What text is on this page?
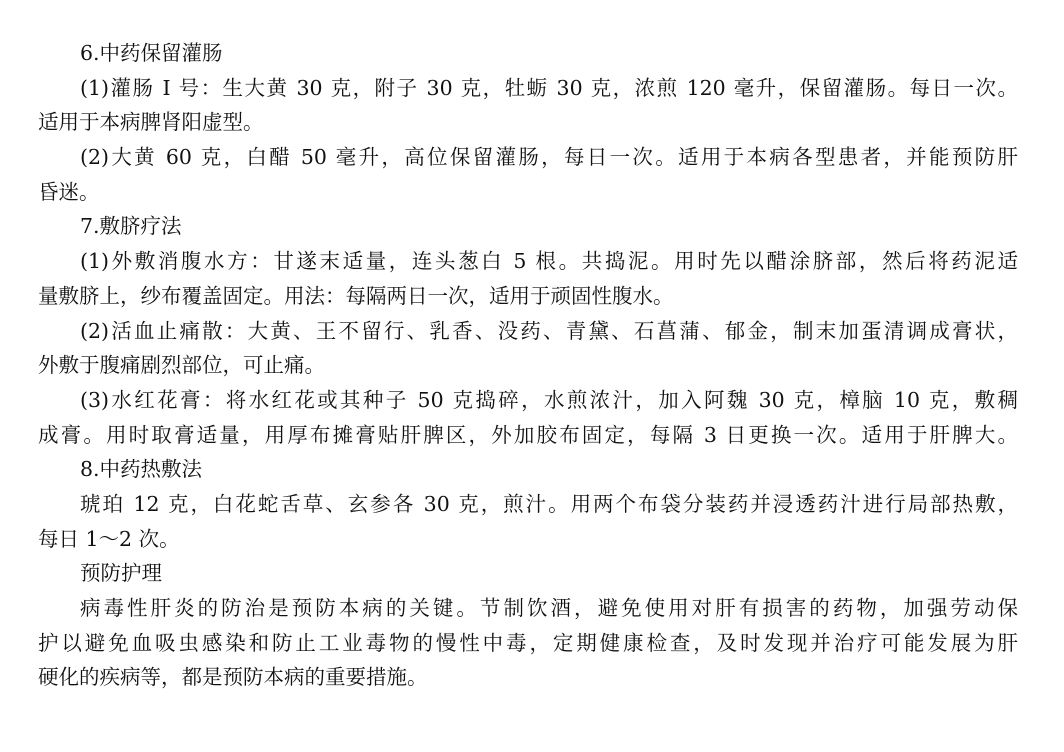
6.中药保留灌肠
(1)灌肠 I 号：生大黄 30 克，附子 30 克，牡蛎 30 克，浓煎 120 毫升，保留灌肠。每日一次。
适用于本病脾肾阳虚型。
(2)大黄 60 克，白醋 50 毫升，高位保留灌肠，每日一次。适用于本病各型患者，并能预防肝
昏迷。
7.敷脐疗法
(1)外敷消腹水方：甘遂末适量，连头葱白 5 根。共捣泥。用时先以醋涂脐部，然后将药泥适
量敷脐上，纱布覆盖固定。用法：每隔两日一次，适用于顽固性腹水。
(2)活血止痛散：大黄、王不留行、乳香、没药、青黛、石菖蒲、郁金，制末加蛋清调成膏状，
外敷于腹痛剧烈部位，可止痛。
(3)水红花膏：将水红花或其种子 50 克捣碎，水煎浓汁，加入阿魏 30 克，樟脑 10 克，敷稠
成膏。用时取膏适量，用厚布摊膏贴肝脾区，外加胶布固定，每隔 3 日更换一次。适用于肝脾大。
8.中药热敷法
琥珀 12 克，白花蛇舌草、玄参各 30 克，煎汁。用两个布袋分装药并浸透药汁进行局部热敷，
每日 1～2 次。
预防护理
病毒性肝炎的防治是预防本病的关键。节制饮酒，避免使用对肝有损害的药物，加强劳动保
护以避免血吸虫感染和防止工业毒物的慢性中毒，定期健康检查，及时发现并治疗可能发展为肝
硬化的疾病等，都是预防本病的重要措施。
